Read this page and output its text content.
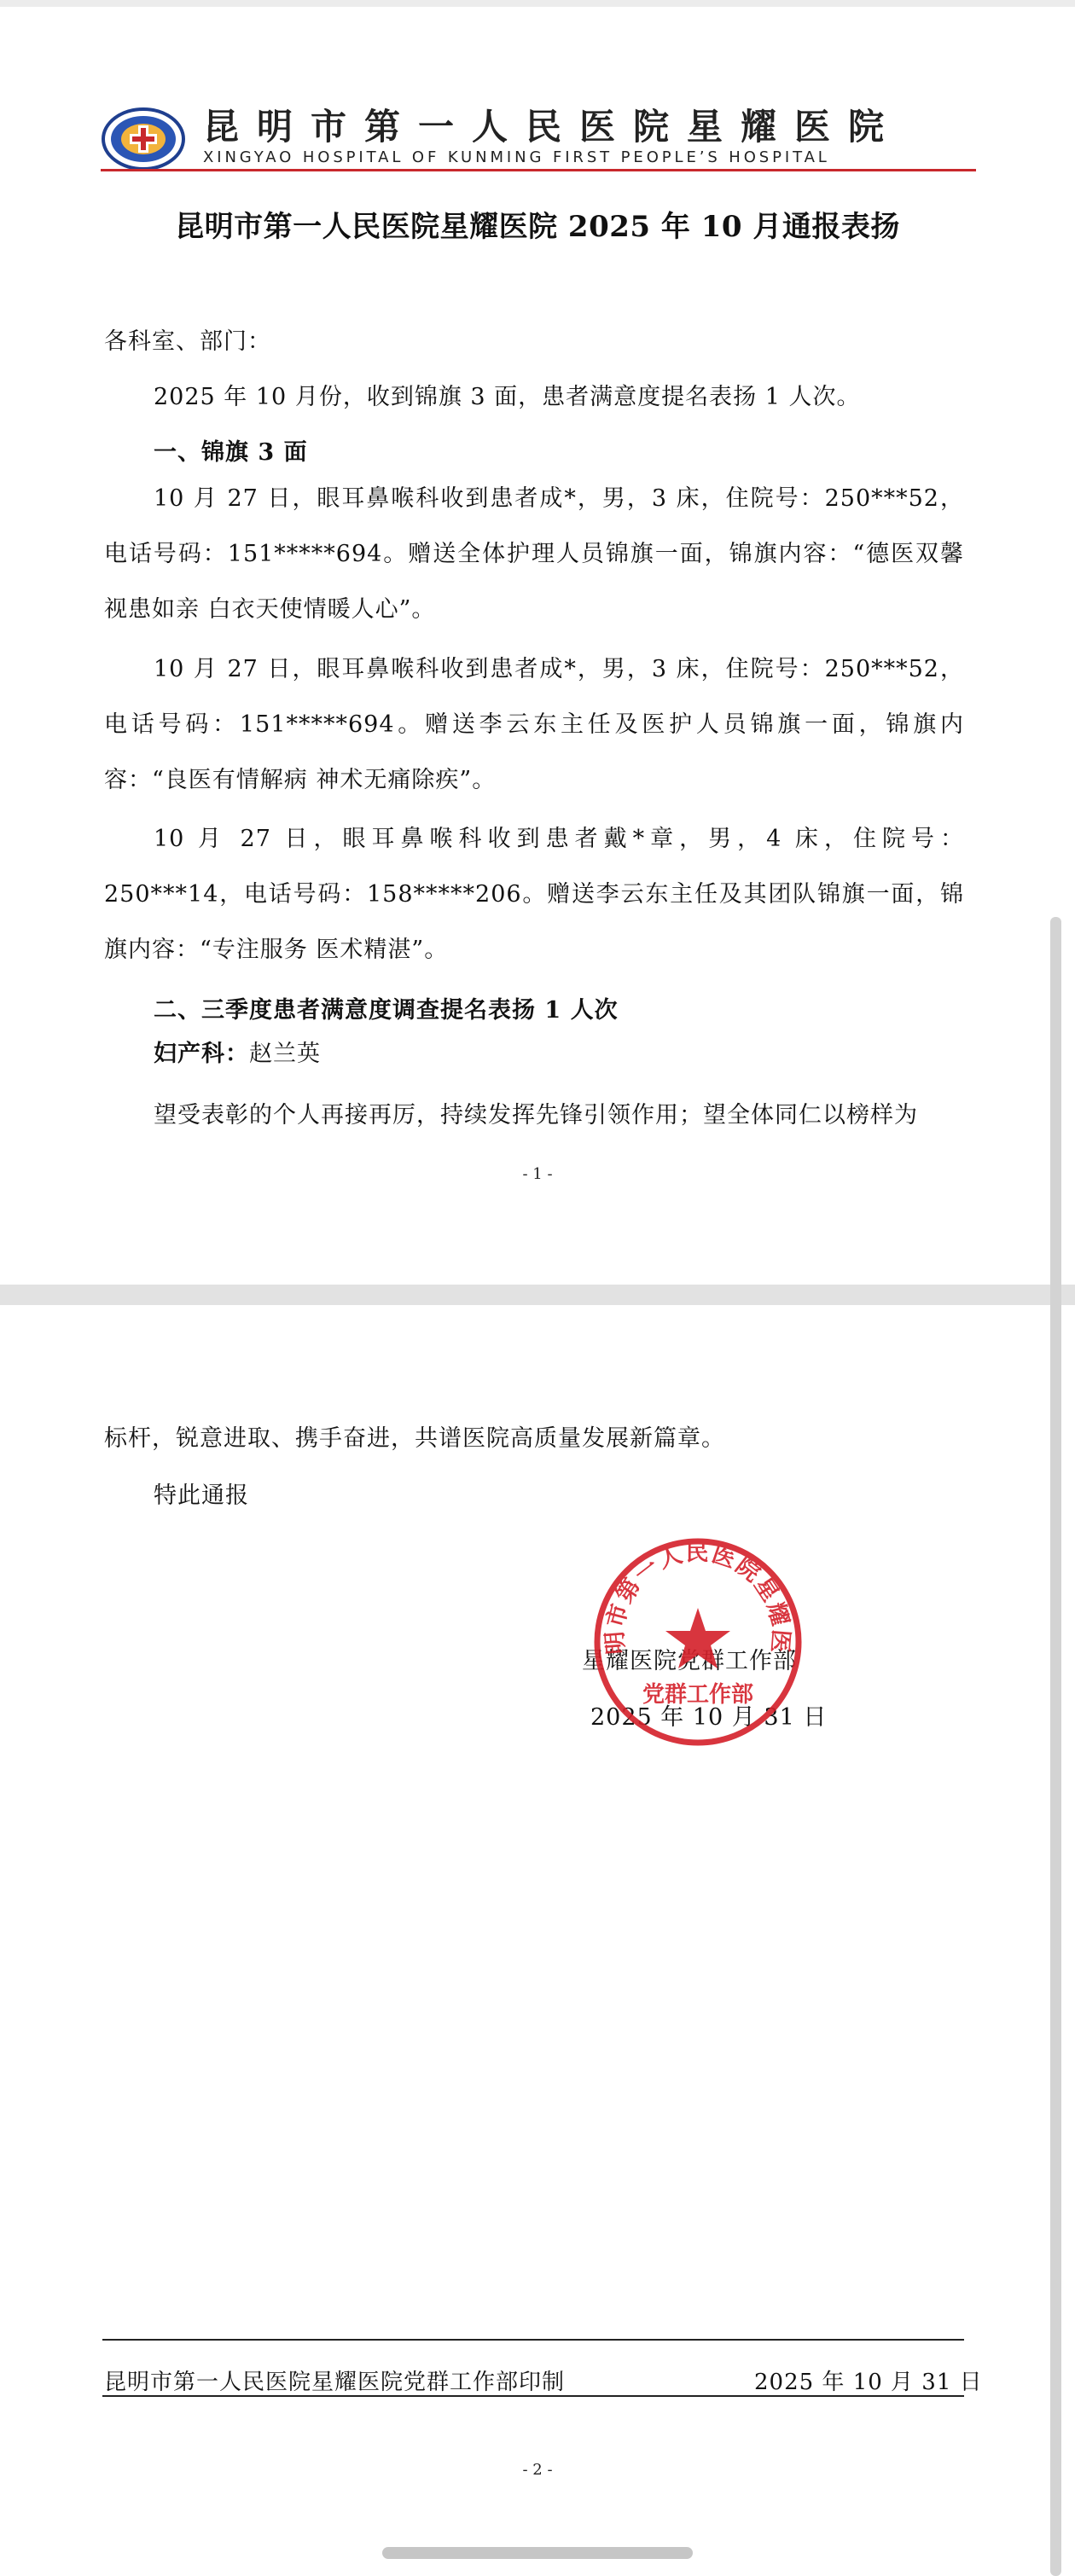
昆明市第一人民医院星耀医院
XINGYAO HOSPITAL OF KUNMING FIRST PEOPLE’S HOSPITAL
昆明市第一人民医院星耀医院 2025 年 10 月通报表扬
各科室、部门：
2025 年 10 月份，收到锦旗 3 面，患者满意度提名表扬 1 人次。
一、锦旗 3 面

10 月 27 日，眼耳鼻喉科收到患者成*，男，3 床，住院号：250***52，电话号码：151*****694。赠送全体护理人员锦旗一面，锦旗内容：“德医双馨视患如亲 白衣天使情暖人心”。

10 月 27 日，眼耳鼻喉科收到患者成*，男，3 床，住院号：250***52，电话号码：151*****694。赠送李云东主任及医护人员锦旗一面，锦旗内容：“良医有情解病 神术无痛除疾”。

10 月 27 日，眼耳鼻喉科收到患者戴*章，男，4 床，住院号：250***14，电话号码：158*****206。赠送李云东主任及其团队锦旗一面，锦旗内容：“专注服务 医术精湛”。

二、三季度患者满意度调查提名表扬 1 人次
妇产科：赵兰英
望受表彰的个人再接再厉，持续发挥先锋引领作用；望全体同仁以榜样为
- 1 -
标杆，锐意进取、携手奋进，共谱医院高质量发展新篇章。
特此通报
星耀医院党群工作部
2025 年 10 月 31 日
明市第一人民医院星耀医
党群工作部
昆明市第一人民医院星耀医院党群工作部印制	2025 年 10 月 31 日
- 2 -
